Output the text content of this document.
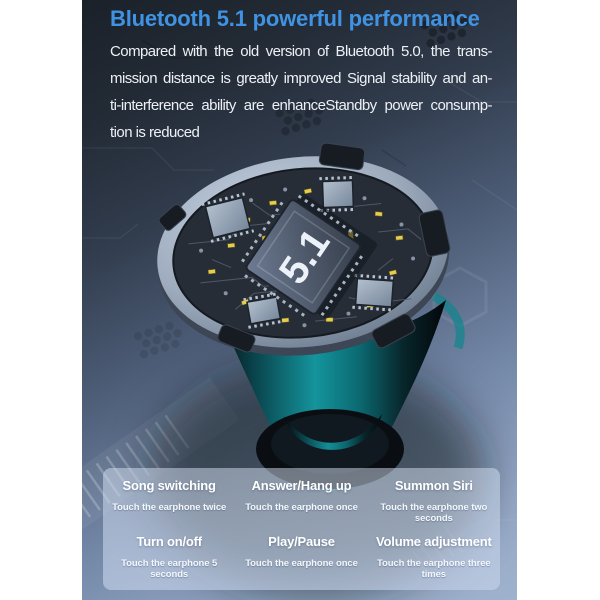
5.1
Bluetooth 5.1 powerful performance
Compared with the old version of Bluetooth 5.0, the trans-
mission distance is greatly improved Signal stability and an-
ti-interference ability are enhanceStandby power consump-
tion is reduced
Song switching
Touch the earphone twice
Answer/Hang up
Touch the earphone once
Summon Siri
Touch the earphone two seconds
Turn on/off
Touch the earphone 5 seconds
Play/Pause
Touch the earphone once
Volume adjustment
Touch the earphone three times
